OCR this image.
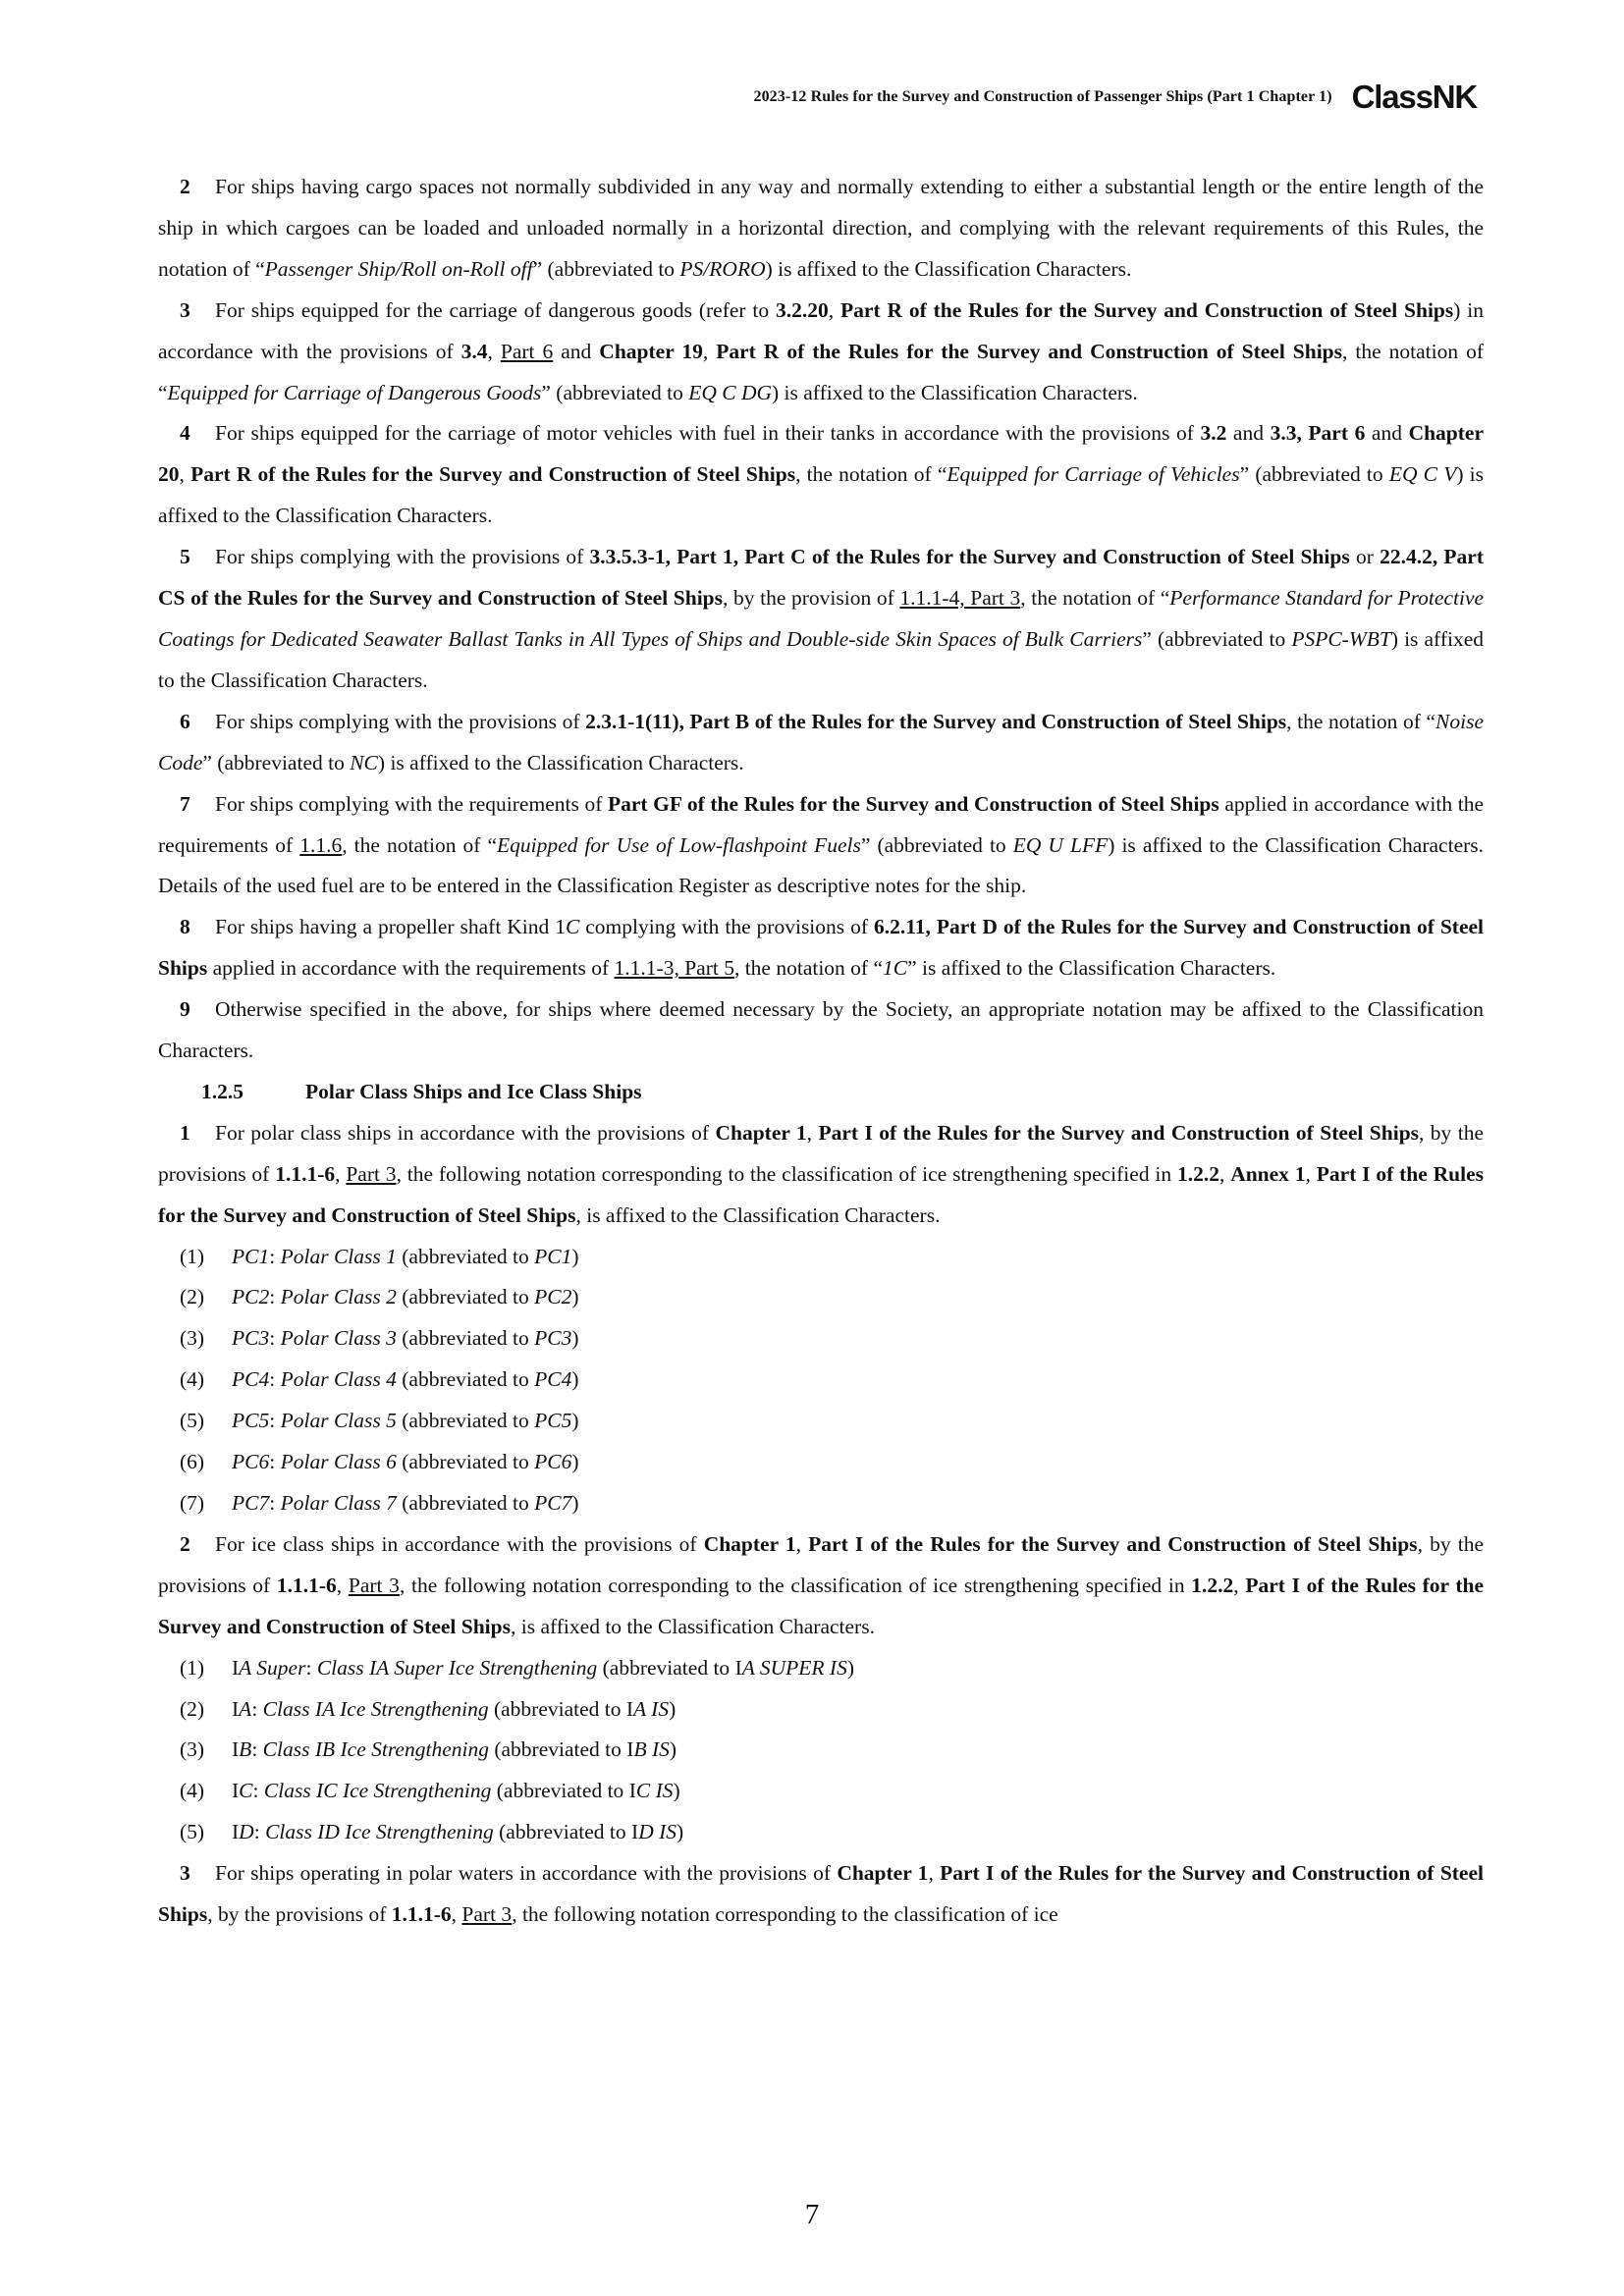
2023-12 Rules for the Survey and Construction of Passenger Ships (Part 1 Chapter 1) ClassNK

2 For ships having cargo spaces not normally subdivided in any way and normally extending to either a substantial length or the entire length of the ship in which cargoes can be loaded and unloaded normally in a horizontal direction, and complying with the relevant requirements of this Rules, the notation of “Passenger Ship/Roll on-Roll off” (abbreviated to PS/RORO) is affixed to the Classification Characters.

3 For ships equipped for the carriage of dangerous goods (refer to 3.2.20, Part R of the Rules for the Survey and Construction of Steel Ships) in accordance with the provisions of 3.4, Part 6 and Chapter 19, Part R of the Rules for the Survey and Construction of Steel Ships, the notation of “Equipped for Carriage of Dangerous Goods” (abbreviated to EQ C DG) is affixed to the Classification Characters.

4 For ships equipped for the carriage of motor vehicles with fuel in their tanks in accordance with the provisions of 3.2 and 3.3, Part 6 and Chapter 20, Part R of the Rules for the Survey and Construction of Steel Ships, the notation of “Equipped for Carriage of Vehicles” (abbreviated to EQ C V) is affixed to the Classification Characters.

5 For ships complying with the provisions of 3.3.5.3-1, Part 1, Part C of the Rules for the Survey and Construction of Steel Ships or 22.4.2, Part CS of the Rules for the Survey and Construction of Steel Ships, by the provision of 1.1.1-4, Part 3, the notation of “Performance Standard for Protective Coatings for Dedicated Seawater Ballast Tanks in All Types of Ships and Double-side Skin Spaces of Bulk Carriers” (abbreviated to PSPC-WBT) is affixed to the Classification Characters.

6 For ships complying with the provisions of 2.3.1-1(11), Part B of the Rules for the Survey and Construction of Steel Ships, the notation of “Noise Code” (abbreviated to NC) is affixed to the Classification Characters.

7 For ships complying with the requirements of Part GF of the Rules for the Survey and Construction of Steel Ships applied in accordance with the requirements of 1.1.6, the notation of “Equipped for Use of Low-flashpoint Fuels” (abbreviated to EQ U LFF) is affixed to the Classification Characters. Details of the used fuel are to be entered in the Classification Register as descriptive notes for the ship.

8 For ships having a propeller shaft Kind 1C complying with the provisions of 6.2.11, Part D of the Rules for the Survey and Construction of Steel Ships applied in accordance with the requirements of 1.1.1-3, Part 5, the notation of “1C” is affixed to the Classification Characters.

9 Otherwise specified in the above, for ships where deemed necessary by the Society, an appropriate notation may be affixed to the Classification Characters.

1.2.5	Polar Class Ships and Ice Class Ships

1 For polar class ships in accordance with the provisions of Chapter 1, Part I of the Rules for the Survey and Construction of Steel Ships, by the provisions of 1.1.1-6, Part 3, the following notation corresponding to the classification of ice strengthening specified in 1.2.2, Annex 1, Part I of the Rules for the Survey and Construction of Steel Ships, is affixed to the Classification Characters.

(1) PC1: Polar Class 1 (abbreviated to PC1)
(2) PC2: Polar Class 2 (abbreviated to PC2)
(3) PC3: Polar Class 3 (abbreviated to PC3)
(4) PC4: Polar Class 4 (abbreviated to PC4)
(5) PC5: Polar Class 5 (abbreviated to PC5)
(6) PC6: Polar Class 6 (abbreviated to PC6)
(7) PC7: Polar Class 7 (abbreviated to PC7)

2 For ice class ships in accordance with the provisions of Chapter 1, Part I of the Rules for the Survey and Construction of Steel Ships, by the provisions of 1.1.1-6, Part 3, the following notation corresponding to the classification of ice strengthening specified in 1.2.2, Part I of the Rules for the Survey and Construction of Steel Ships, is affixed to the Classification Characters.

(1) IA Super: Class IA Super Ice Strengthening (abbreviated to IA SUPER IS)
(2) IA: Class IA Ice Strengthening (abbreviated to IA IS)
(3) IB: Class IB Ice Strengthening (abbreviated to IB IS)
(4) IC: Class IC Ice Strengthening (abbreviated to IC IS)
(5) ID: Class ID Ice Strengthening (abbreviated to ID IS)

3 For ships operating in polar waters in accordance with the provisions of Chapter 1, Part I of the Rules for the Survey and Construction of Steel Ships, by the provisions of 1.1.1-6, Part 3, the following notation corresponding to the classification of ice

7
